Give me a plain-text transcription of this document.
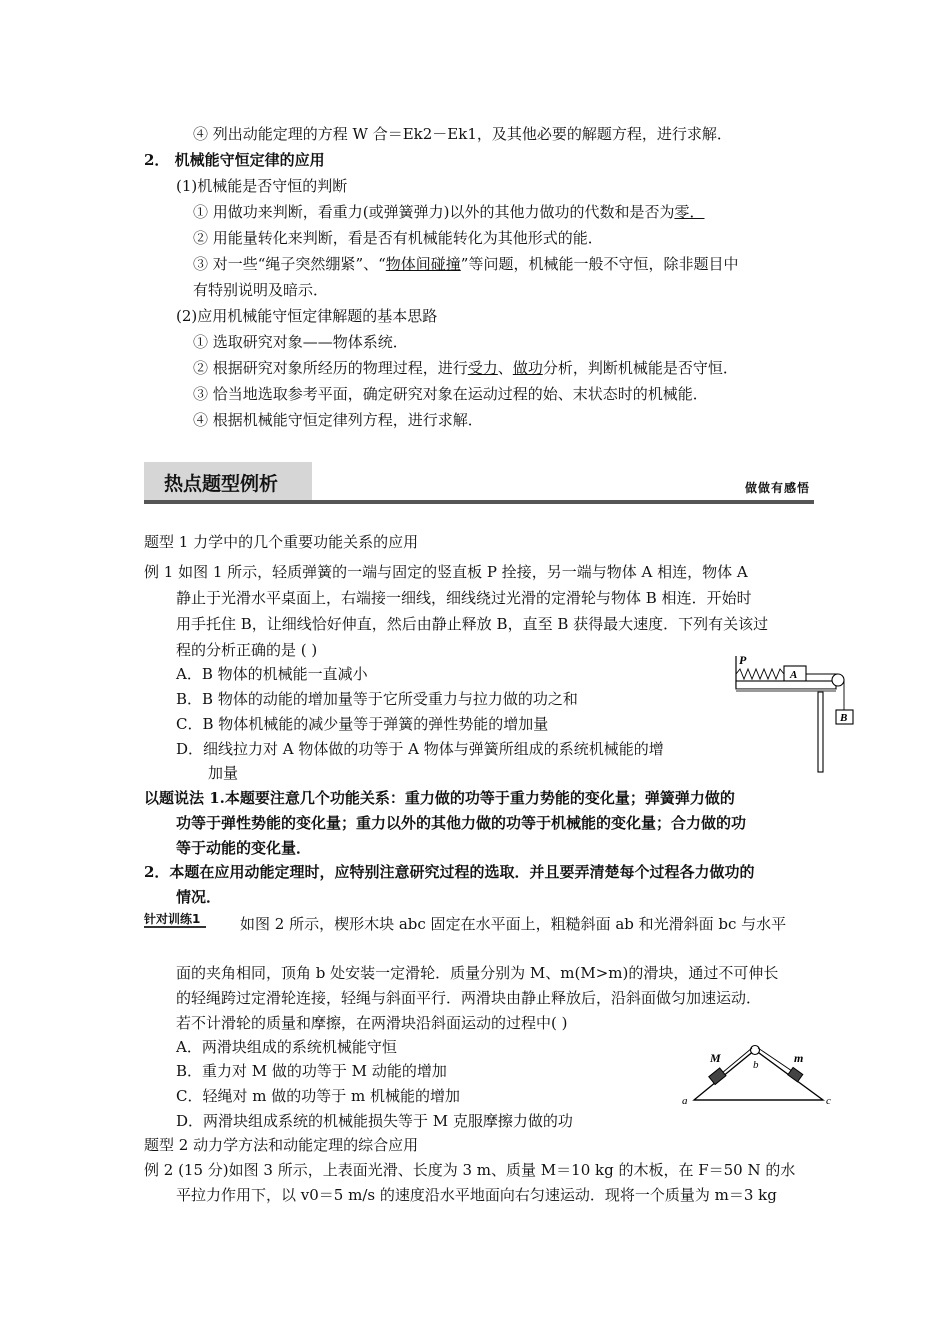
④ 列出动能定理的方程 W 合＝Ek2－Ek1，及其他必要的解题方程，进行求解．
2． 机械能守恒定律的应用
(1)机械能是否守恒的判断
① 用做功来判断，看重力(或弹簧弹力)以外的其他力做功的代数和是否为零．
② 用能量转化来判断，看是否有机械能转化为其他形式的能．
③ 对一些“绳子突然绷紧”、“物体间碰撞”等问题，机械能一般不守恒，除非题目中
有特别说明及暗示．
(2)应用机械能守恒定律解题的基本思路
① 选取研究对象——物体系统．
② 根据研究对象所经历的物理过程，进行受力、做功分析，判断机械能是否守恒．
③ 恰当地选取参考平面，确定研究对象在运动过程的始、末状态时的机械能．
④ 根据机械能守恒定律列方程，进行求解．
热点题型例析	做做有感悟
题型 1 力学中的几个重要功能关系的应用
例 1 如图 1 所示，轻质弹簧的一端与固定的竖直板 P 拴接，另一端与物体 A 相连，物体 A
静止于光滑水平桌面上，右端接一细线，细线绕过光滑的定滑轮与物体 B 相连．开始时
用手托住 B，让细线恰好伸直，然后由静止释放 B，直至 B 获得最大速度．下列有关该过
程的分析正确的是 ( )
A．B 物体的机械能一直减小
B．B 物体的动能的增加量等于它所受重力与拉力做的功之和
C．B 物体机械能的减少量等于弹簧的弹性势能的增加量
D．细线拉力对 A 物体做的功等于 A 物体与弹簧所组成的系统机械能的增
加量
P
A
B
以题说法 1.本题要注意几个功能关系：重力做的功等于重力势能的变化量；弹簧弹力做的
功等于弹性势能的变化量；重力以外的其他力做的功等于机械能的变化量；合力做的功
等于动能的变化量．
2．本题在应用动能定理时，应特别注意研究过程的选取．并且要弄清楚每个过程各力做功的
情况．
针对训练1	如图 2 所示，楔形木块 abc 固定在水平面上，粗糙斜面 ab 和光滑斜面 bc 与水平
面的夹角相同，顶角 b 处安装一定滑轮．质量分别为 M、m(M>m)的滑块，通过不可伸长
的轻绳跨过定滑轮连接，轻绳与斜面平行．两滑块由静止释放后，沿斜面做匀加速运动．
若不计滑轮的质量和摩擦，在两滑块沿斜面运动的过程中( )
A．两滑块组成的系统机械能守恒
B．重力对 M 做的功等于 M 动能的增加
C．轻绳对 m 做的功等于 m 机械能的增加
D．两滑块组成系统的机械能损失等于 M 克服摩擦力做的功
M	m
b
a	c
题型 2 动力学方法和动能定理的综合应用
例 2 (15 分)如图 3 所示，上表面光滑、长度为 3 m、质量 M＝10 kg 的木板，在 F＝50 N 的水
平拉力作用下，以 v0＝5 m/s 的速度沿水平地面向右匀速运动．现将一个质量为 m＝3 kg
